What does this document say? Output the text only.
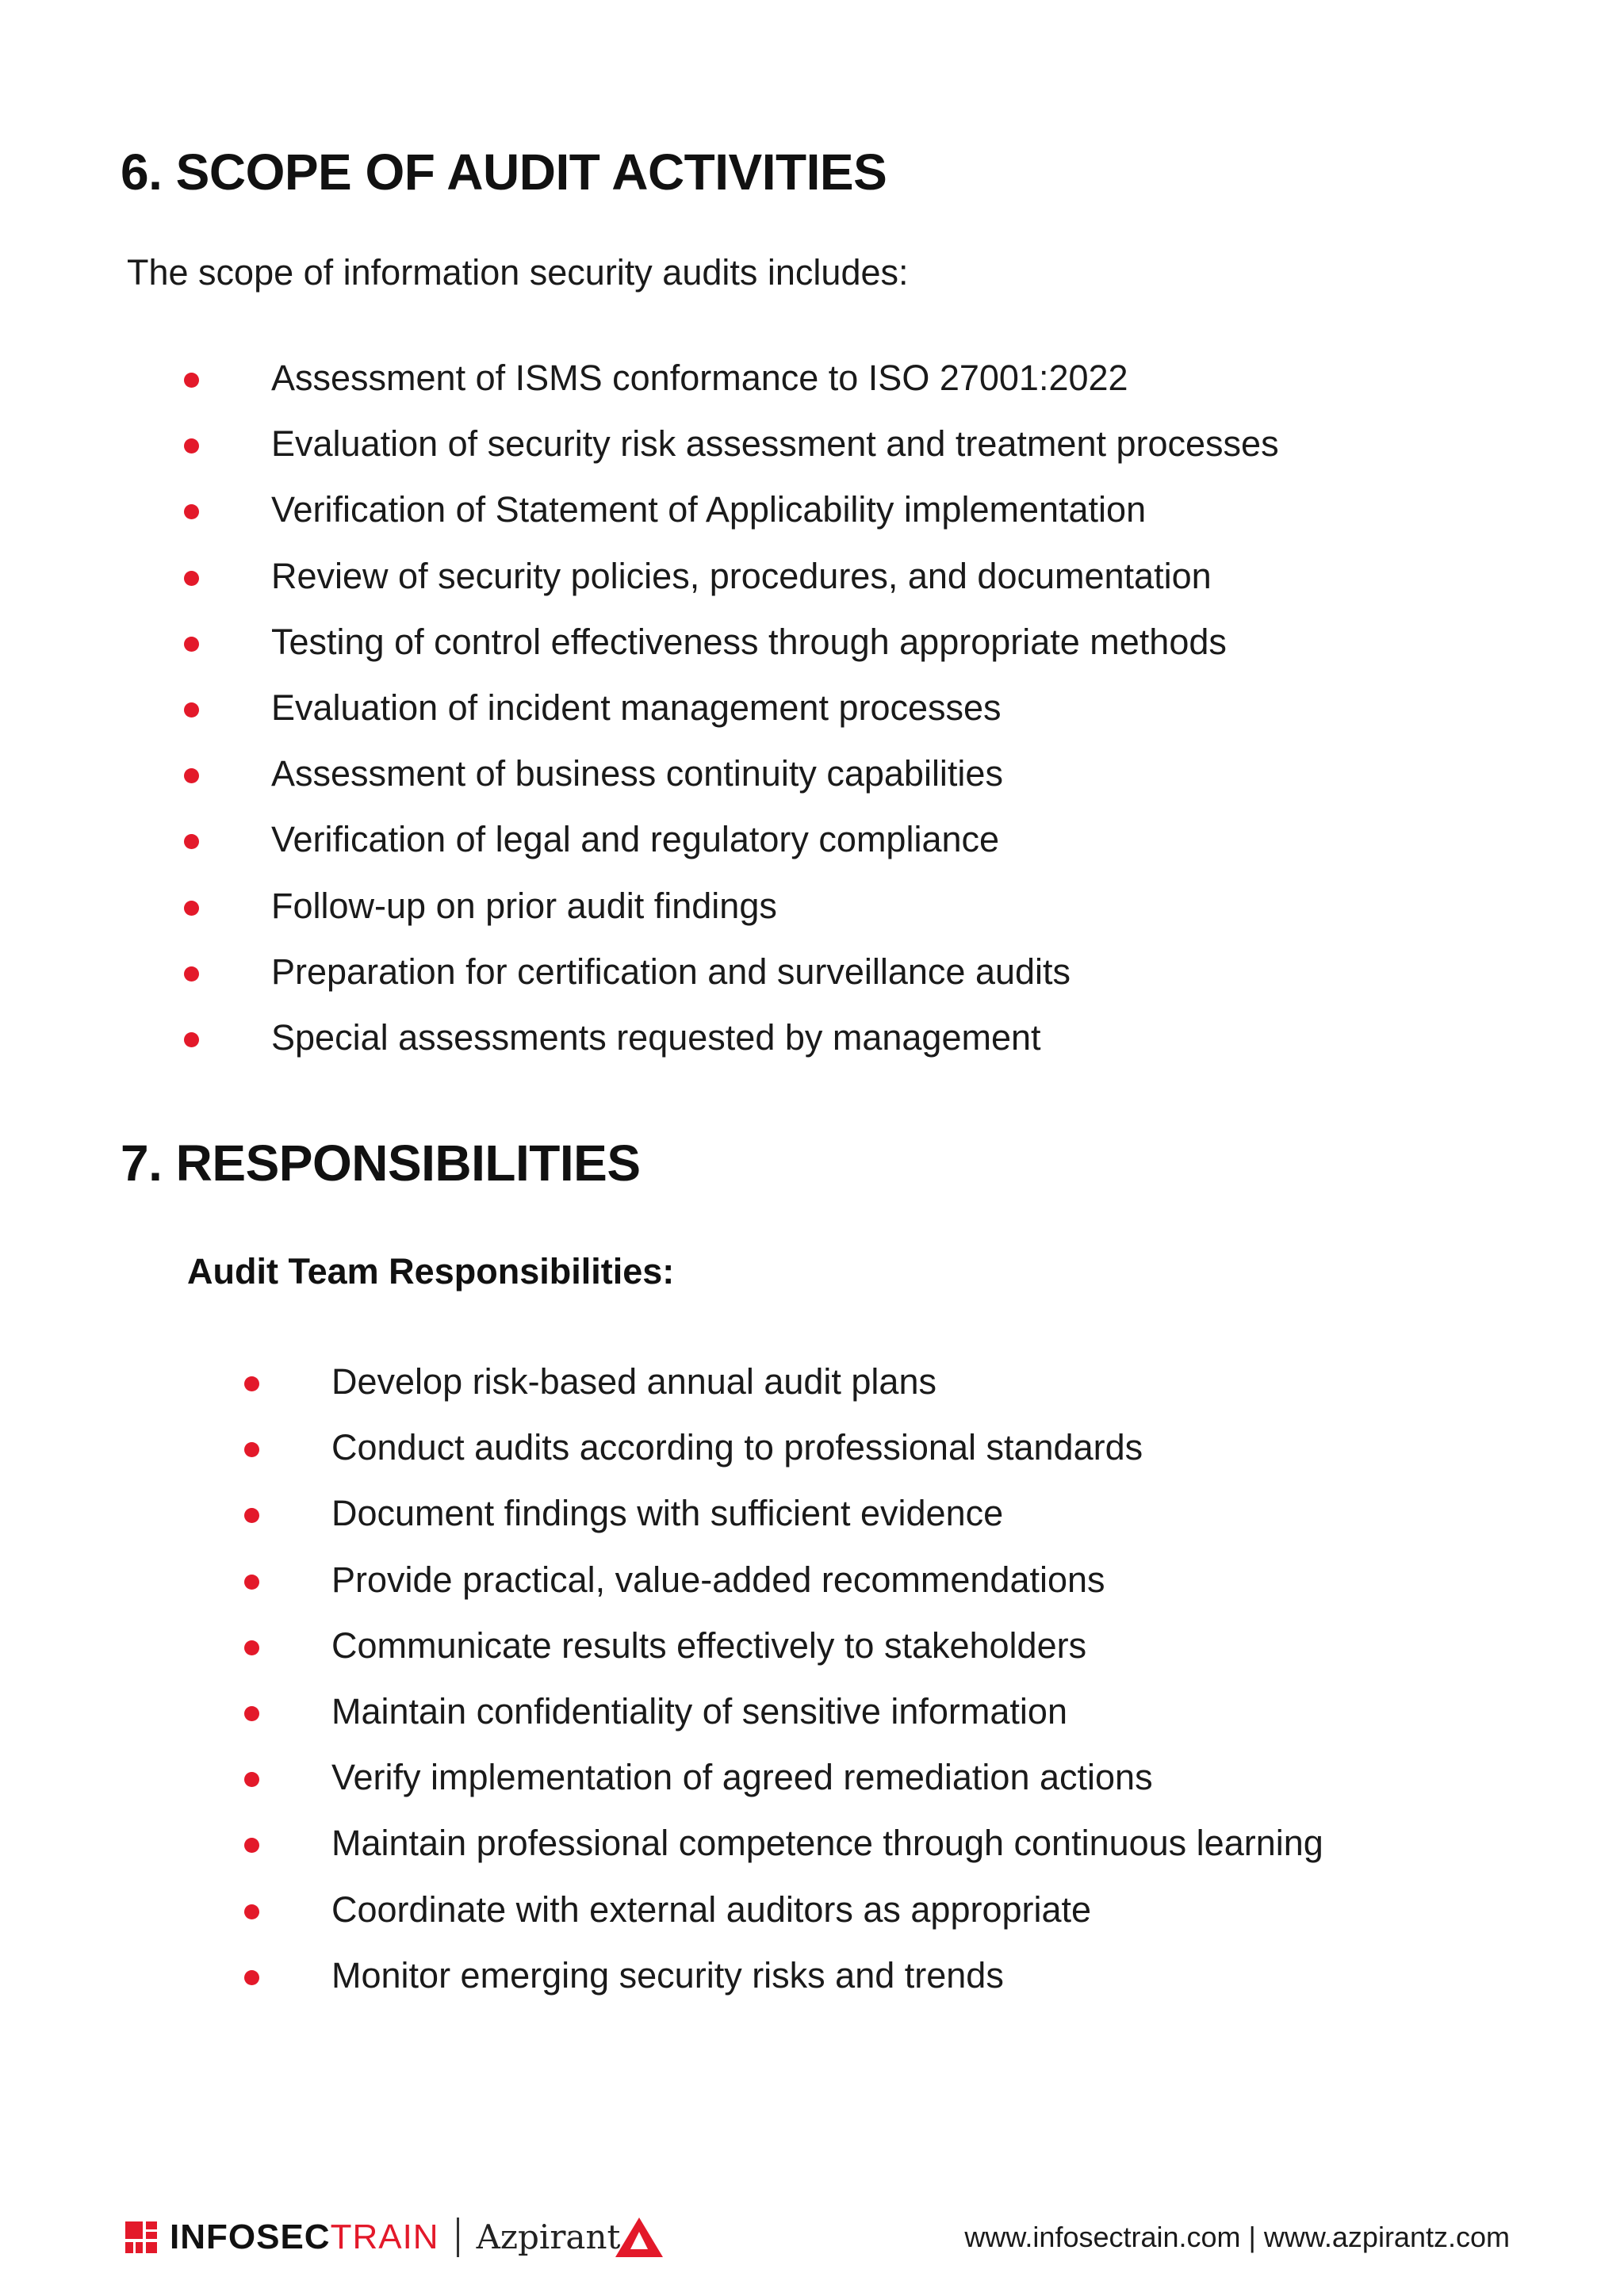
6. SCOPE OF AUDIT ACTIVITIES

The scope of information security audits includes:

Assessment of ISMS conformance to ISO 27001:2022
Evaluation of security risk assessment and treatment processes
Verification of Statement of Applicability implementation
Review of security policies, procedures, and documentation
Testing of control effectiveness through appropriate methods
Evaluation of incident management processes
Assessment of business continuity capabilities
Verification of legal and regulatory compliance
Follow-up on prior audit findings
Preparation for certification and surveillance audits
Special assessments requested by management
7. RESPONSIBILITIES

Audit Team Responsibilities:

Develop risk-based annual audit plans
Conduct audits according to professional standards
Document findings with sufficient evidence
Provide practical, value-added recommendations
Communicate results effectively to stakeholders
Maintain confidentiality of sensitive information
Verify implementation of agreed remediation actions
Maintain professional competence through continuous learning
Coordinate with external auditors as appropriate
Monitor emerging security risks and trends
INFOSECTRAIN Azpirant	www.infosectrain.com | www.azpirantz.com
